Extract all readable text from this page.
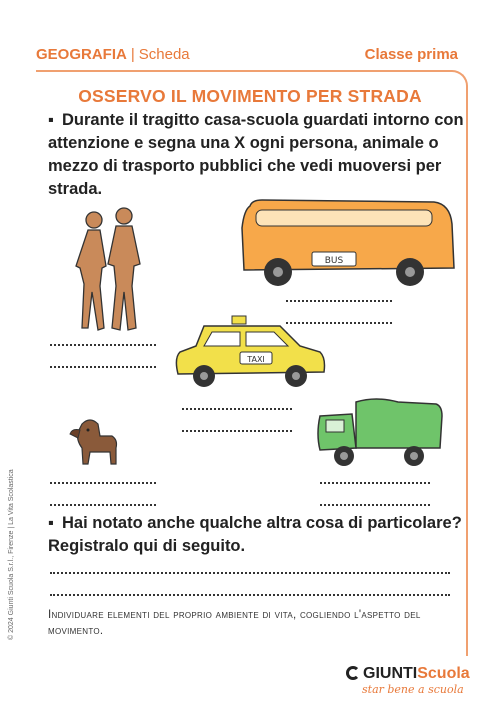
GEOGRAFIA | Scheda	Classe prima
OSSERVO IL MOVIMENTO PER STRADA
▪ Durante il tragitto casa-scuola guardati intorno con attenzione e segna una X ogni persona, animale o mezzo di trasporto pubblici che vedi muoversi per strada.
BUS
TAXI
▪ Hai notato anche qualche altra cosa di particolare? Registralo qui di seguito.
Individuare elementi del proprio ambiente di vita, cogliendo l'aspetto del movimento.
© 2024 Giunti Scuola S.r.l., Firenze | La Vita Scolastica
GIUNTIScuola
star bene a scuola
